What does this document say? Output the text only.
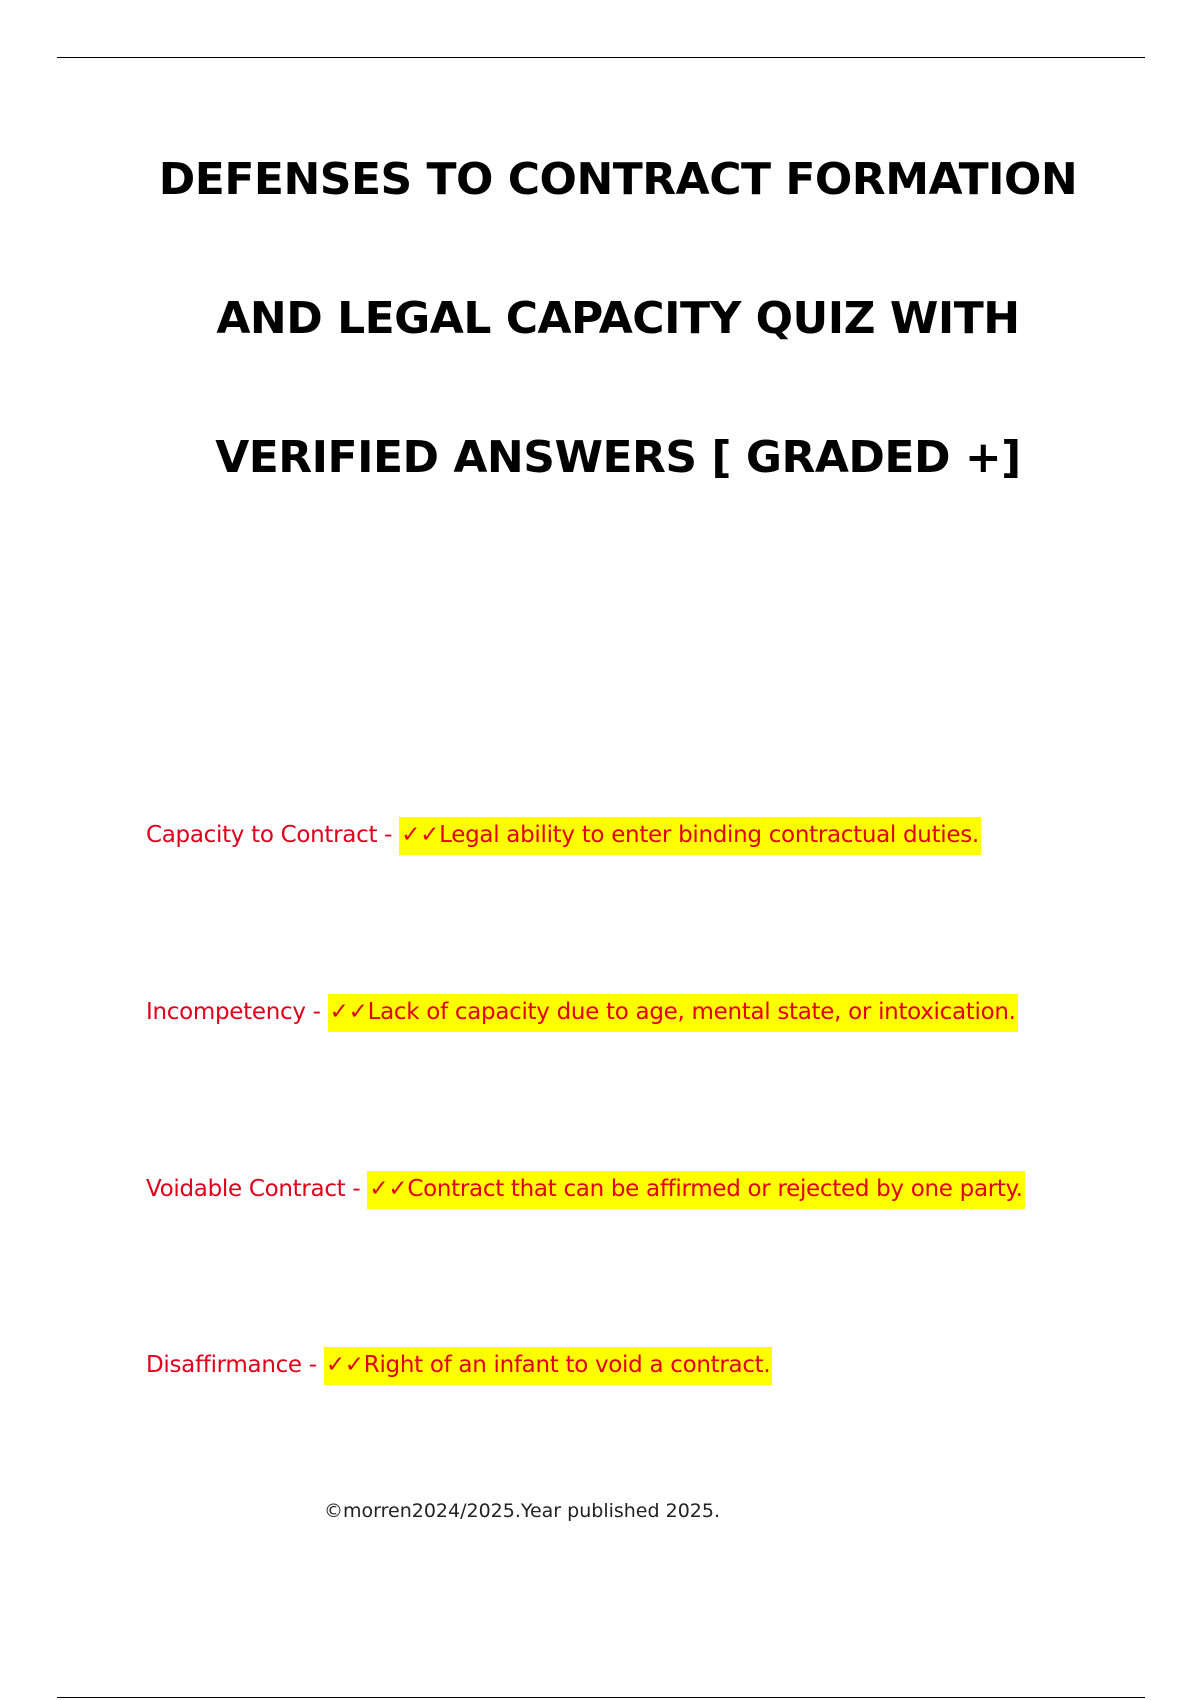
DEFENSES TO CONTRACT FORMATION
AND LEGAL CAPACITY QUIZ WITH
VERIFIED ANSWERS [ GRADED +]
Capacity to Contract - ✓✓Legal ability to enter binding contractual duties.
Incompetency - ✓✓Lack of capacity due to age, mental state, or intoxication.
Voidable Contract - ✓✓Contract that can be affirmed or rejected by one party.
Disaffirmance - ✓✓Right of an infant to void a contract.
©morren2024/2025.Year published 2025.
